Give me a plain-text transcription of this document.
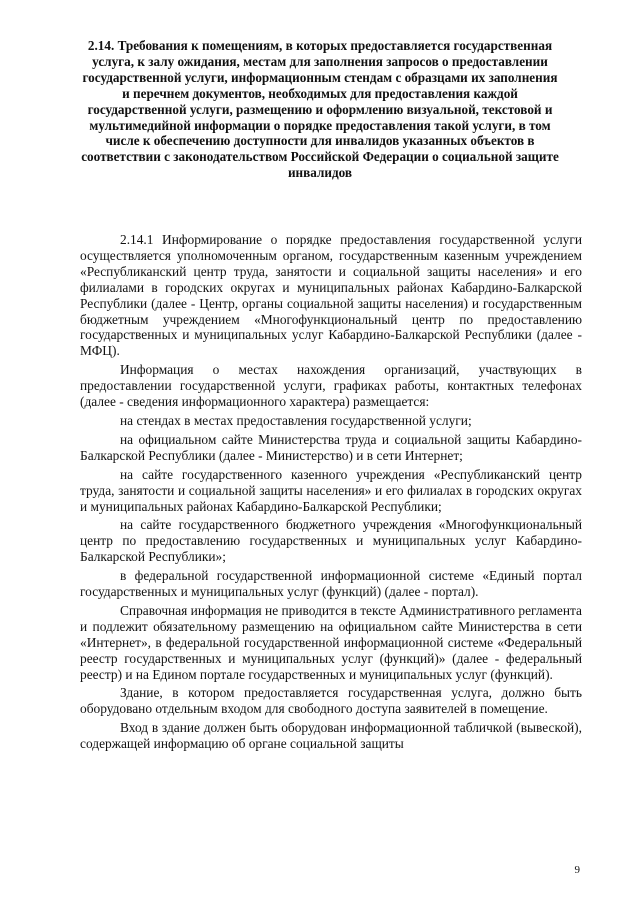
2.14. Требования к помещениям, в которых предоставляется государственная услуга, к залу ожидания, местам для заполнения запросов о предоставлении государственной услуги, информационным стендам с образцами их заполнения и перечнем документов, необходимых для предоставления каждой государственной услуги, размещению и оформлению визуальной, текстовой и мультимедийной информации о порядке предоставления такой услуги, в том числе к обеспечению доступности для инвалидов указанных объектов в соответствии с законодательством Российской Федерации о социальной защите инвалидов

2.14.1 Информирование о порядке предоставления государственной услуги осуществляется уполномоченным органом, государственным казенным учреждением «Республиканский центр труда, занятости и социальной защиты населения» и его филиалами в городских округах и муниципальных районах Кабардино-Балкарской Республики (далее - Центр, органы социальной защиты населения) и государственным бюджетным учреждением «Многофункциональный центр по предоставлению государственных и муниципальных услуг Кабардино-Балкарской Республики (далее - МФЦ).

Информация о местах нахождения организаций, участвующих в предоставлении государственной услуги, графиках работы, контактных телефонах (далее - сведения информационного характера) размещается:

на стендах в местах предоставления государственной услуги;

на официальном сайте Министерства труда и социальной защиты Кабардино-Балкарской Республики (далее - Министерство) и в сети Интернет;

на сайте государственного казенного учреждения «Республиканский центр труда, занятости и социальной защиты населения» и его филиалах в городских округах и муниципальных районах Кабардино-Балкарской Республики;

на сайте государственного бюджетного учреждения «Многофункциональный центр по предоставлению государственных и муниципальных услуг Кабардино-Балкарской Республики»;

в федеральной государственной информационной системе «Единый портал государственных и муниципальных услуг (функций) (далее - портал).

Справочная информация не приводится в тексте Административного регламента и подлежит обязательному размещению на официальном сайте Министерства в сети «Интернет», в федеральной государственной информационной системе «Федеральный реестр государственных и муниципальных услуг (функций)» (далее - федеральный реестр) и на Едином портале государственных и муниципальных услуг (функций).

Здание, в котором предоставляется государственная услуга, должно быть оборудовано отдельным входом для свободного доступа заявителей в помещение.

Вход в здание должен быть оборудован информационной табличкой (вывеской), содержащей информацию об органе социальной защиты

9
